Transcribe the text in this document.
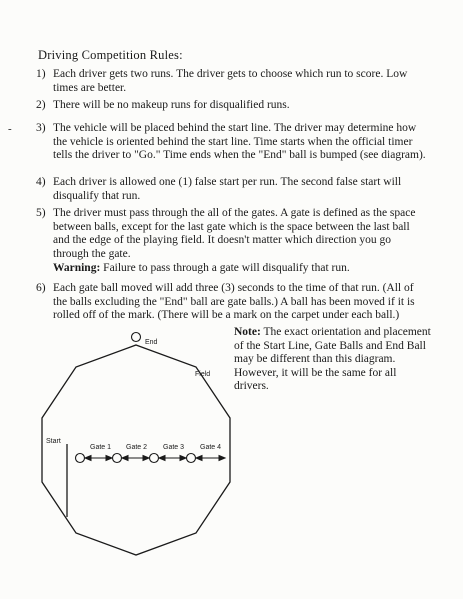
Driving Competition Rules:
-
1) Each driver gets two runs. The driver gets to choose which run to score. Low times are better.
2) There will be no makeup runs for disqualified runs.
3) The vehicle will be placed behind the start line. The driver may determine how the vehicle is oriented behind the start line. Time starts when the official timer tells the driver to "Go." Time ends when the "End" ball is bumped (see diagram).
4) Each driver is allowed one (1) false start per run. The second false start will disqualify that run.
5) The driver must pass through the all of the gates. A gate is defined as the space between balls, except for the last gate which is the space between the last ball and the edge of the playing field. It doesn't matter which direction you go through the gate.
Warning: Failure to pass through a gate will disqualify that run.
6) Each gate ball moved will add three (3) seconds to the time of that run. (All of the balls excluding the "End" ball are gate balls.) A ball has been moved if it is rolled off of the mark. (There will be a mark on the carpet under each ball.)
Note: The exact orientation and placement of the Start Line, Gate Balls and End Ball may be different than this diagram. However, it will be the same for all drivers.
End
Field
Start
Gate 1 Gate 2 Gate 3 Gate 4
